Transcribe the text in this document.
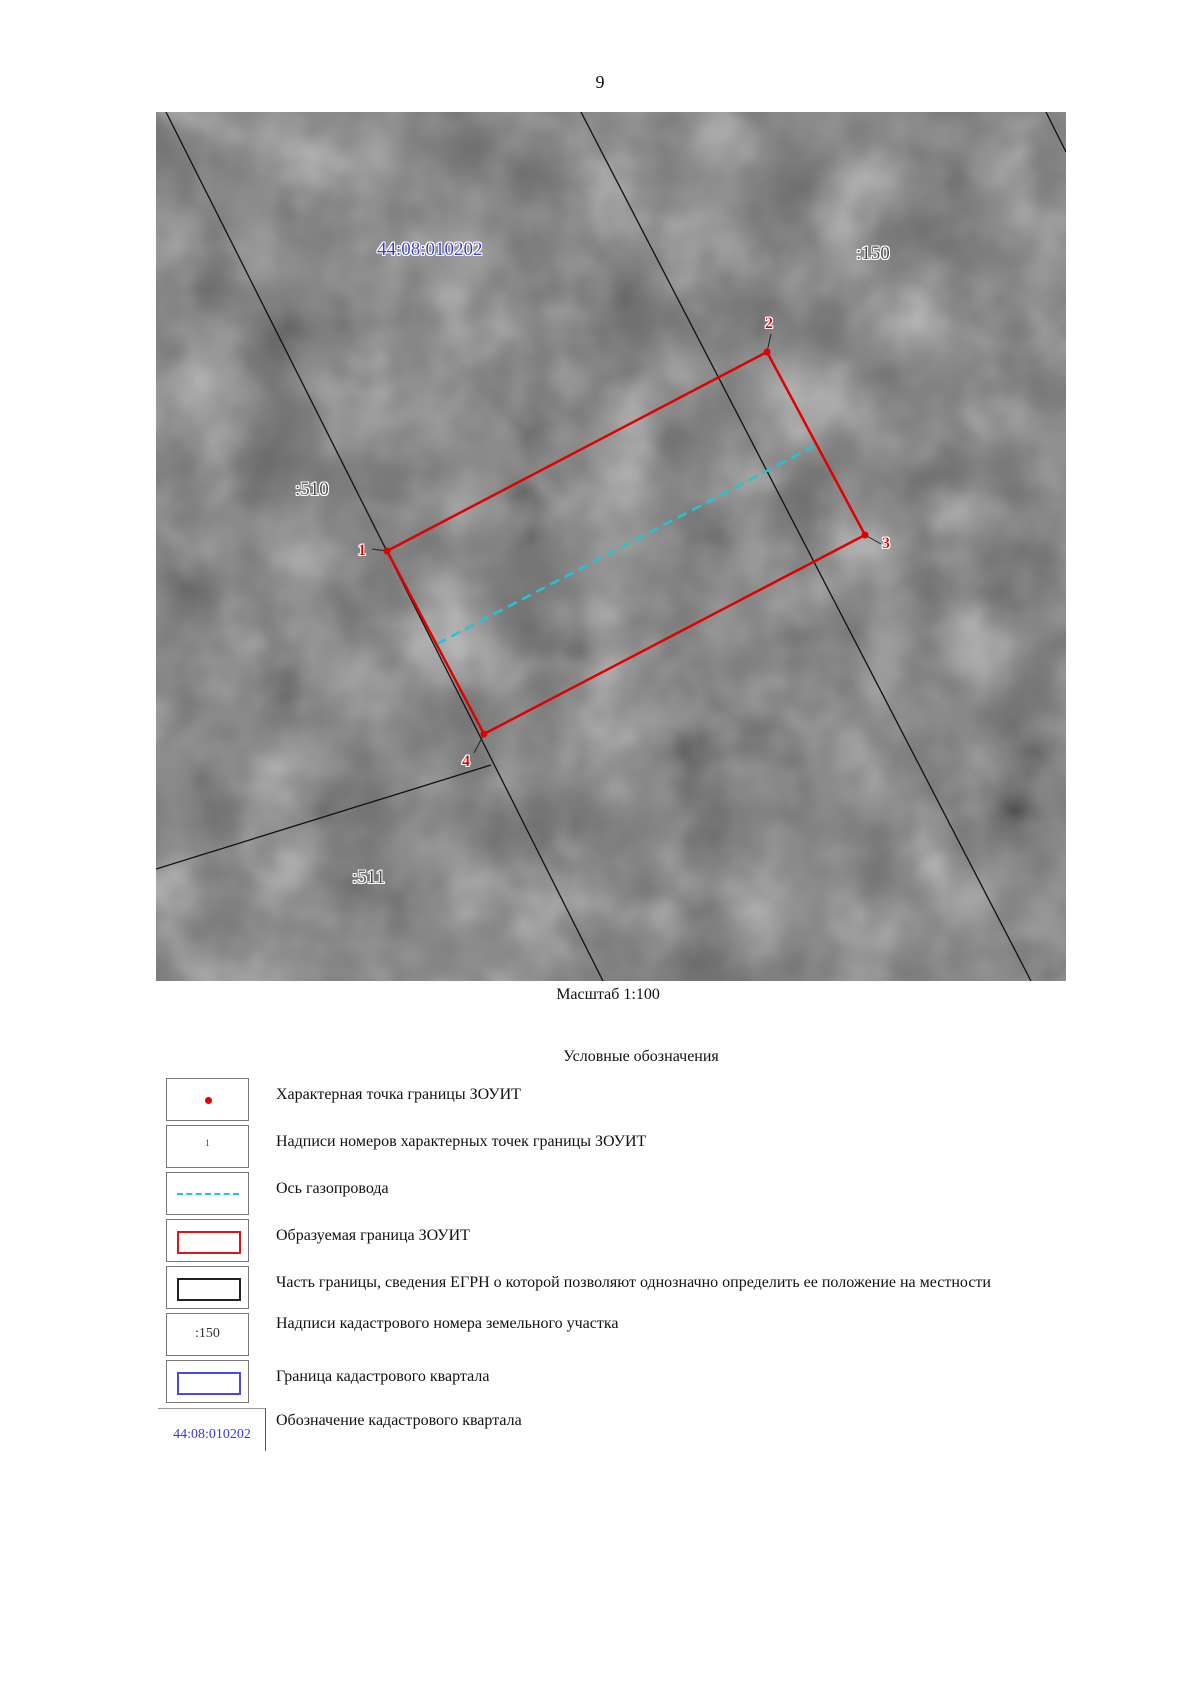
9
1
2
3
4
44:08:010202	:150
:510
:511
Масштаб 1:100
Условные обозначения
Характерная точка границы ЗОУИТ
1	Надписи номеров характерных точек границы ЗОУИТ
Ось газопровода
Образуемая граница ЗОУИТ
Часть границы, сведения ЕГРН о которой позволяют однозначно определить ее положение на местности
:150
Надписи кадастрового номера земельного участка
Граница кадастрового квартала
44:08:010202
Обозначение кадастрового квартала
